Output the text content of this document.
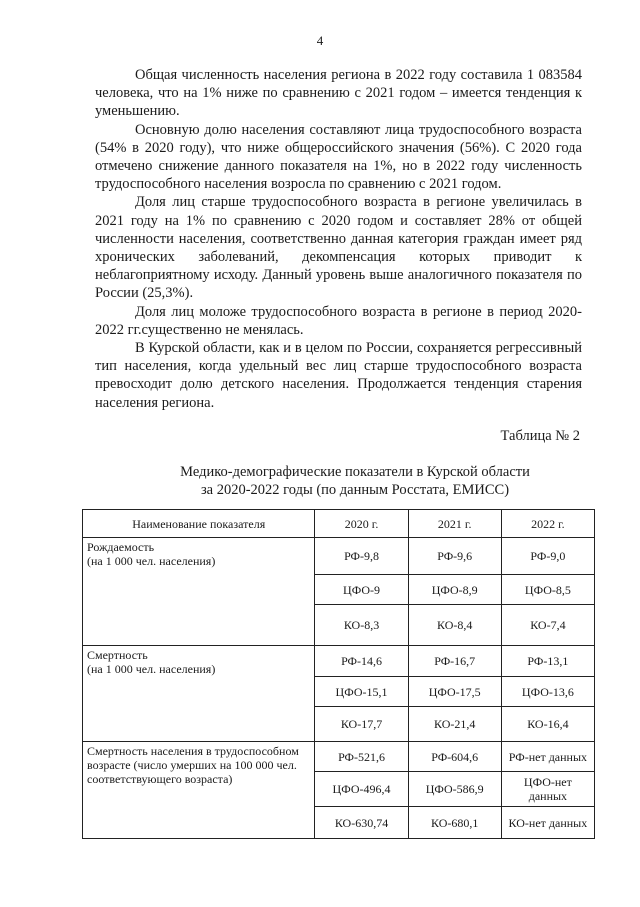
4

Общая численность населения региона в 2022 году составила 1 083584 человека, что на 1% ниже по сравнению с 2021 годом – имеется тенденция к уменьшению.

Основную долю населения составляют лица трудоспособного возраста (54% в 2020 году), что ниже общероссийского значения (56%). С 2020 года отмечено снижение данного показателя на 1%, но в 2022 году численность трудоспособного населения возросла по сравнению с 2021 годом.

Доля лиц старше трудоспособного возраста в регионе увеличилась в 2021 году на 1% по сравнению с 2020 годом и составляет 28% от общей численности населения, соответственно данная категория граждан имеет ряд хронических заболеваний, декомпенсация которых приводит к неблагоприятному исходу. Данный уровень выше аналогичного показателя по России (25,3%).

Доля лиц моложе трудоспособного возраста в регионе в период 2020-2022 гг.существенно не менялась.

В Курской области, как и в целом по России, сохраняется регрессивный тип населения, когда удельный вес лиц старше трудоспособного возраста превосходит долю детского населения. Продолжается тенденция старения населения региона.

Таблица № 2
Медико-демографические показатели в Курской области
за 2020-2022 годы (по данным Росстата, ЕМИСС)
Наименование показателя	2020 г.	2021 г.	2022 г.
Рождаемость
(на 1 000 чел. населения)	РФ-9,8	РФ-9,6	РФ-9,0
	ЦФО-9	ЦФО-8,9	ЦФО-8,5
	КО-8,3	КО-8,4	КО-7,4
Смертность
(на 1 000 чел. населения)	РФ-14,6	РФ-16,7	РФ-13,1
	ЦФО-15,1	ЦФО-17,5	ЦФО-13,6
	КО-17,7	КО-21,4	КО-16,4
Смертность населения в трудоспособном возрасте (число умерших на 100 000 чел. соответствующего возраста)	РФ-521,6	РФ-604,6	РФ-нет данных
	ЦФО-496,4	ЦФО-586,9	ЦФО-нет данных
	КО-630,74	КО-680,1	КО-нет данных
